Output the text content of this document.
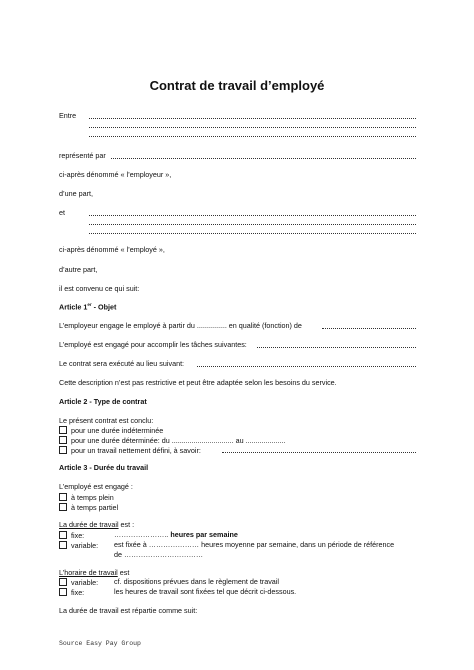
Contrat de travail d’employé
Entre
représenté par
ci-après dénommé « l’employeur »,
d’une part,
et
ci-après dénommé « l’employé »,
d’autre part,
il est convenu ce qui suit:
Article 1er - Objet
L’employeur engage le employé à partir du ............... en qualité (fonction) de
L’employé est engagé pour accomplir les tâches suivantes:
Le contrat sera exécuté au lieu suivant:
Cette description n’est pas restrictive et peut être adaptée selon les besoins du service.
Article 2 - Type de contrat
Le présent contrat est conclu:
pour une durée indéterminée
pour une durée déterminée: du ............................... au ....................
pour un travail nettement défini, à savoir:
Article 3 - Durée du travail
L’employé est engagé :
à temps plein
à temps partiel
La durée de travail est :
fixe:	………………….. heures par semaine
variable: est fixée à ………………… heures moyenne par semaine, dans un période de référence
de ……………………………
L’horaire de travail est
variable: cf. dispositions prévues dans le règlement de travail
fixe:	les heures de travail sont fixées tel que décrit ci-dessous.
La durée de travail est répartie comme suit:
Source Easy Pay Group
